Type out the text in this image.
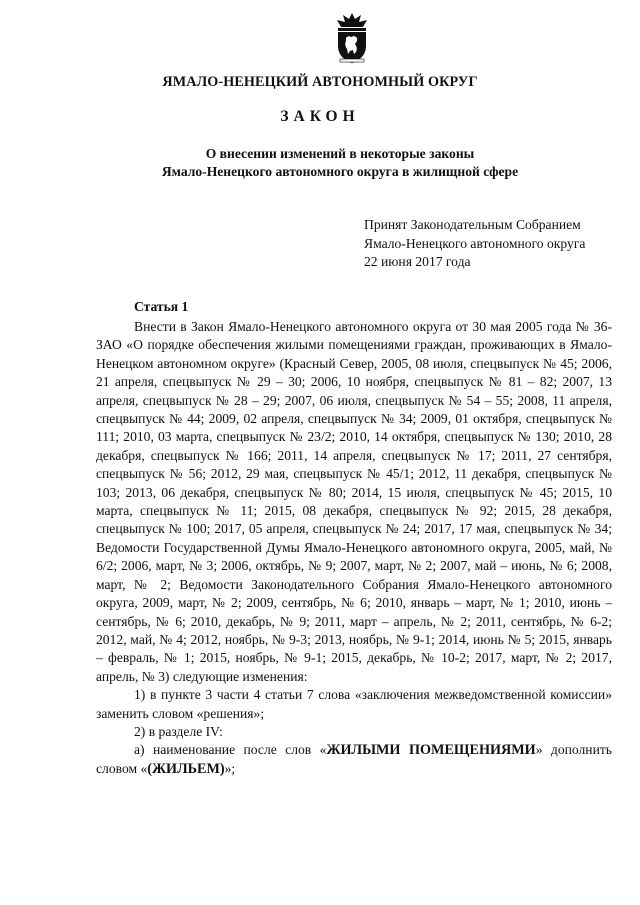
ЯМАЛО-НЕНЕЦКИЙ АВТОНОМНЫЙ ОКРУГ
ЗАКОН
О внесении изменений в некоторые законы
Ямало-Ненецкого автономного округа в жилищной сфере
Принят Законодательным Собранием
Ямало-Ненецкого автономного округа
22 июня 2017 года
Статья 1

Внести в Закон Ямало-Ненецкого автономного округа от 30 мая 2005 года № 36-ЗАО «О порядке обеспечения жилыми помещениями граждан, проживающих в Ямало-Ненецком автономном округе» (Красный Север, 2005, 08 июля, спецвыпуск № 45; 2006, 21 апреля, спецвыпуск № 29 – 30; 2006, 10 ноября, спецвыпуск № 81 – 82; 2007, 13 апреля, спецвыпуск № 28 – 29; 2007, 06 июля, спецвыпуск № 54 – 55; 2008, 11 апреля, спецвыпуск № 44; 2009, 02 апреля, спецвыпуск № 34; 2009, 01 октября, спецвыпуск № 111; 2010, 03 марта, спецвыпуск № 23/2; 2010, 14 октября, спецвыпуск № 130; 2010, 28 декабря, спецвыпуск № 166; 2011, 14 апреля, спецвыпуск № 17; 2011, 27 сентября, спецвыпуск № 56; 2012, 29 мая, спецвыпуск № 45/1; 2012, 11 декабря, спецвыпуск № 103; 2013, 06 декабря, спецвыпуск № 80; 2014, 15 июля, спецвыпуск № 45; 2015, 10 марта, спецвыпуск № 11; 2015, 08 декабря, спецвыпуск № 92; 2015, 28 декабря, спецвыпуск № 100; 2017, 05 апреля, спецвыпуск № 24; 2017, 17 мая, спецвыпуск № 34; Ведомости Государственной Думы Ямало-Ненецкого автономного округа, 2005, май, № 6/2; 2006, март, № 3; 2006, октябрь, № 9; 2007, март, № 2; 2007, май – июнь, № 6; 2008, март, № 2; Ведомости Законодательного Собрания Ямало-Ненецкого автономного округа, 2009, март, № 2; 2009, сентябрь, № 6; 2010, январь – март, № 1; 2010, июнь – сентябрь, № 6; 2010, декабрь, № 9; 2011, март – апрель, № 2; 2011, сентябрь, № 6-2; 2012, май, № 4; 2012, ноябрь, № 9-3; 2013, ноябрь, № 9-1; 2014, июнь № 5; 2015, январь – февраль, № 1; 2015, ноябрь, № 9-1; 2015, декабрь, № 10-2; 2017, март, № 2; 2017, апрель, № 3) следующие изменения:

1) в пункте 3 части 4 статьи 7 слова «заключения межведомственной комиссии» заменить словом «решения»;

2) в разделе IV:

а) наименование после слов «ЖИЛЫМИ ПОМЕЩЕНИЯМИ» дополнить словом «(ЖИЛЬЕМ)»;
